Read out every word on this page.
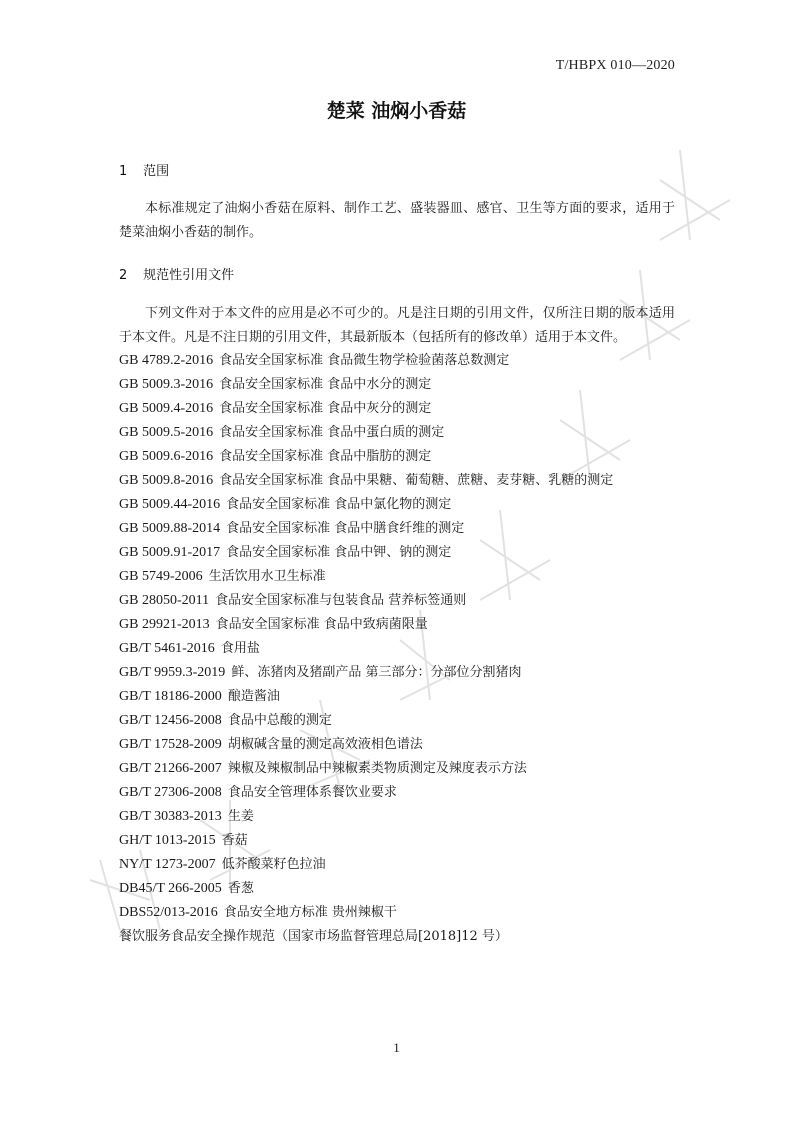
T/HBPX 010—2020
楚菜 油焖小香菇
1 范围
本标准规定了油焖小香菇在原料、制作工艺、盛装器皿、感官、卫生等方面的要求，适用于楚菜油焖小香菇的制作。
2 规范性引用文件
下列文件对于本文件的应用是必不可少的。凡是注日期的引用文件，仅所注日期的版本适用于本文件。凡是不注日期的引用文件，其最新版本（包括所有的修改单）适用于本文件。
GB 4789.2-2016 食品安全国家标准 食品微生物学检验菌落总数测定
GB 5009.3-2016 食品安全国家标准 食品中水分的测定
GB 5009.4-2016 食品安全国家标准 食品中灰分的测定
GB 5009.5-2016 食品安全国家标准 食品中蛋白质的测定
GB 5009.6-2016 食品安全国家标准 食品中脂肪的测定
GB 5009.8-2016 食品安全国家标准 食品中果糖、葡萄糖、蔗糖、麦芽糖、乳糖的测定
GB 5009.44-2016 食品安全国家标准 食品中氯化物的测定
GB 5009.88-2014 食品安全国家标准 食品中膳食纤维的测定
GB 5009.91-2017 食品安全国家标准 食品中钾、钠的测定
GB 5749-2006 生活饮用水卫生标准
GB 28050-2011 食品安全国家标准与包装食品 营养标签通则
GB 29921-2013 食品安全国家标准 食品中致病菌限量
GB/T 5461-2016 食用盐
GB/T 9959.3-2019 鲜、冻猪肉及猪副产品 第三部分：分部位分割猪肉
GB/T 18186-2000 酿造酱油
GB/T 12456-2008 食品中总酸的测定
GB/T 17528-2009 胡椒碱含量的测定高效液相色谱法
GB/T 21266-2007 辣椒及辣椒制品中辣椒素类物质测定及辣度表示方法
GB/T 27306-2008 食品安全管理体系餐饮业要求
GB/T 30383-2013 生姜
GH/T 1013-2015 香菇
NY/T 1273-2007 低芥酸菜籽色拉油
DB45/T 266-2005 香葱
DBS52/013-2016 食品安全地方标准 贵州辣椒干
餐饮服务食品安全操作规范（国家市场监督管理总局[2018]12 号）
1
